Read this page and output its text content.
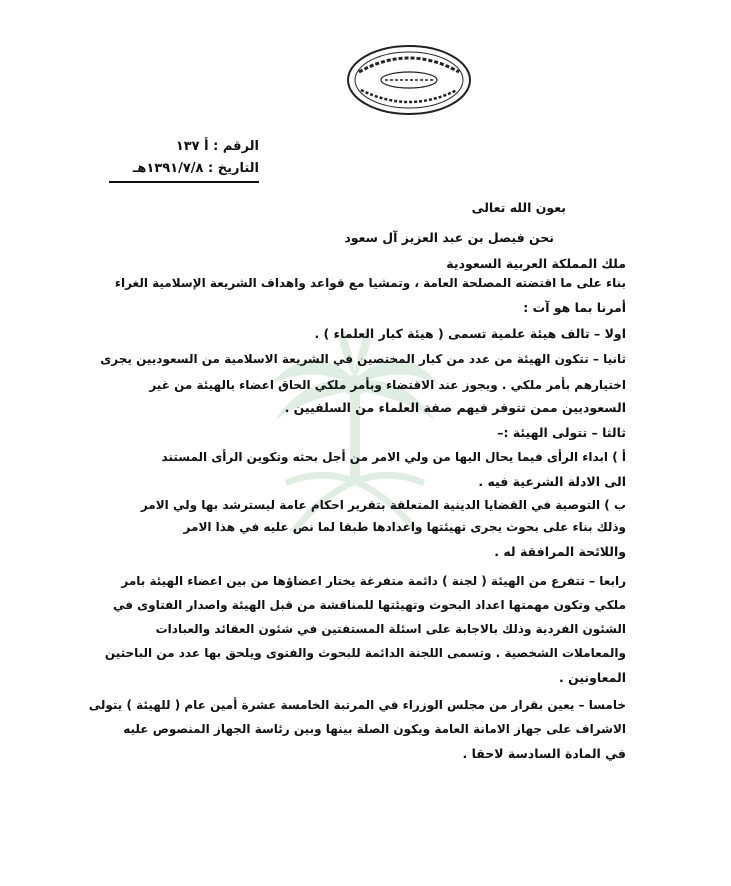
الرقم : أ ١٣٧
التاريخ : ١٣٩١/٧/٨هـ
بعون الله تعالى
نحن فيصل بن عبد العزيز آل سعود
ملك المملكة العربية السعودية
بناء على ما اقتضته المصلحة العامة ، وتمشيا مع قواعد واهداف الشريعة الإسلامية الغراء
أمرنا بما هو آت :
اولا – تالف هيئة علمية تسمى ( هيئة كبار العلماء ) .
ثانيا – تتكون الهيئة من عدد من كبار المختصين في الشريعة الاسلامية من السعوديين يجرى
اختيارهم بأمر ملكي . ويجوز عند الاقتضاء وبأمر ملكي الحاق اعضاء بالهيئة من غير
السعوديين ممن تتوفر فيهم صفة العلماء من السلفيين .
ثالثا – تتولى الهيئة :–
أ ) ابداء الرأى فيما يحال اليها من ولي الامر من أجل بحثه وتكوين الرأى المستند
الى الادلة الشرعية فيه .
ب ) التوصية في القضايا الدينية المتعلقة بتقرير احكام عامة ليسترشد بها ولي الامر
وذلك بناء على بحوث يجرى تهيئتها واعدادها طبقا لما نص عليه في هذا الامر
واللائحة المرافقة له .
رابعا – تتفرع من الهيئة ( لجنة ) دائمة متفرغة يختار اعضاؤها من بين اعضاء الهيئة بامر
ملكي وتكون مهمتها اعداد البحوث وتهيئتها للمناقشة من قبل الهيئة واصدار الفتاوى في
الشئون الفردية وذلك بالاجابة على اسئلة المستفتين في شئون العقائد والعبادات
والمعاملات الشخصية . وتسمى اللجنة الدائمة للبحوث والفتوى ويلحق بها عدد من الباحثين
المعاونين .
خامسا – يعين بقرار من مجلس الوزراء في المرتبة الخامسة عشرة أمين عام ( للهيئة ) يتولى
الاشراف على جهاز الامانة العامة ويكون الصلة بينها وبين رئاسة الجهاز المنصوص عليه
في المادة السادسة لاحقا .
